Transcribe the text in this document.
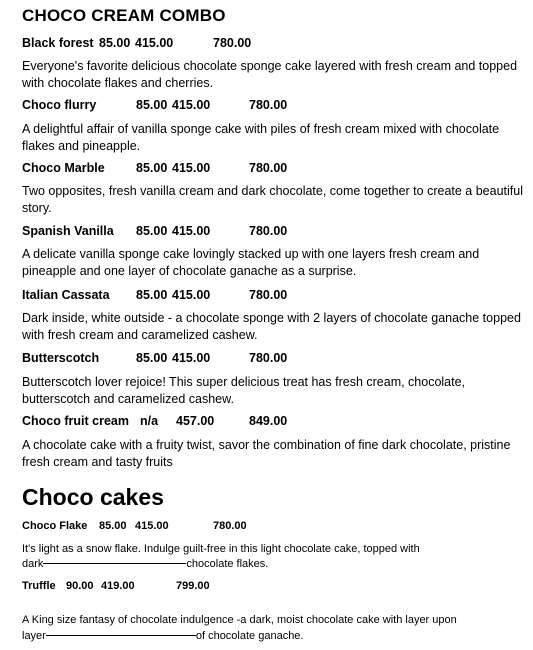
CHOCO CREAM COMBO
Black forest 85.00 415.00	780.00
Everyone's favorite delicious chocolate sponge cake layered with fresh cream and topped with chocolate flakes and cherries.
Choco flurry	85.00 415.00	780.00
A delightful affair of vanilla sponge cake with piles of fresh cream mixed with chocolate flakes and pineapple.
Choco Marble	85.00 415.00	780.00
Two opposites, fresh vanilla cream and dark chocolate, come together to create a beautiful story.
Spanish Vanilla 85.00 415.00	780.00
A delicate vanilla sponge cake lovingly stacked up with one layers fresh cream and pineapple and one layer of chocolate ganache as a surprise.
Italian Cassata 85.00 415.00	780.00
Dark inside, white outside - a chocolate sponge with 2 layers of chocolate ganache topped with fresh cream and caramelized cashew.
Butterscotch	85.00 415.00	780.00
Butterscotch lover rejoice! This super delicious treat has fresh cream, chocolate, butterscotch and caramelized cashew.
Choco fruit cream n/a 457.00	849.00
A chocolate cake with a fruity twist, savor the combination of fine dark chocolate, pristine fresh cream and tasty fruits
Choco cakes
Choco Flake 85.00 415.00	780.00
It's light as a snow flake. Indulge guilt-free in this light chocolate cake, topped with
dark	chocolate flakes.
Truffle 90.00 419.00	799.00
A King size fantasy of chocolate indulgence -a dark, moist chocolate cake with layer upon
layer	of chocolate ganache.
